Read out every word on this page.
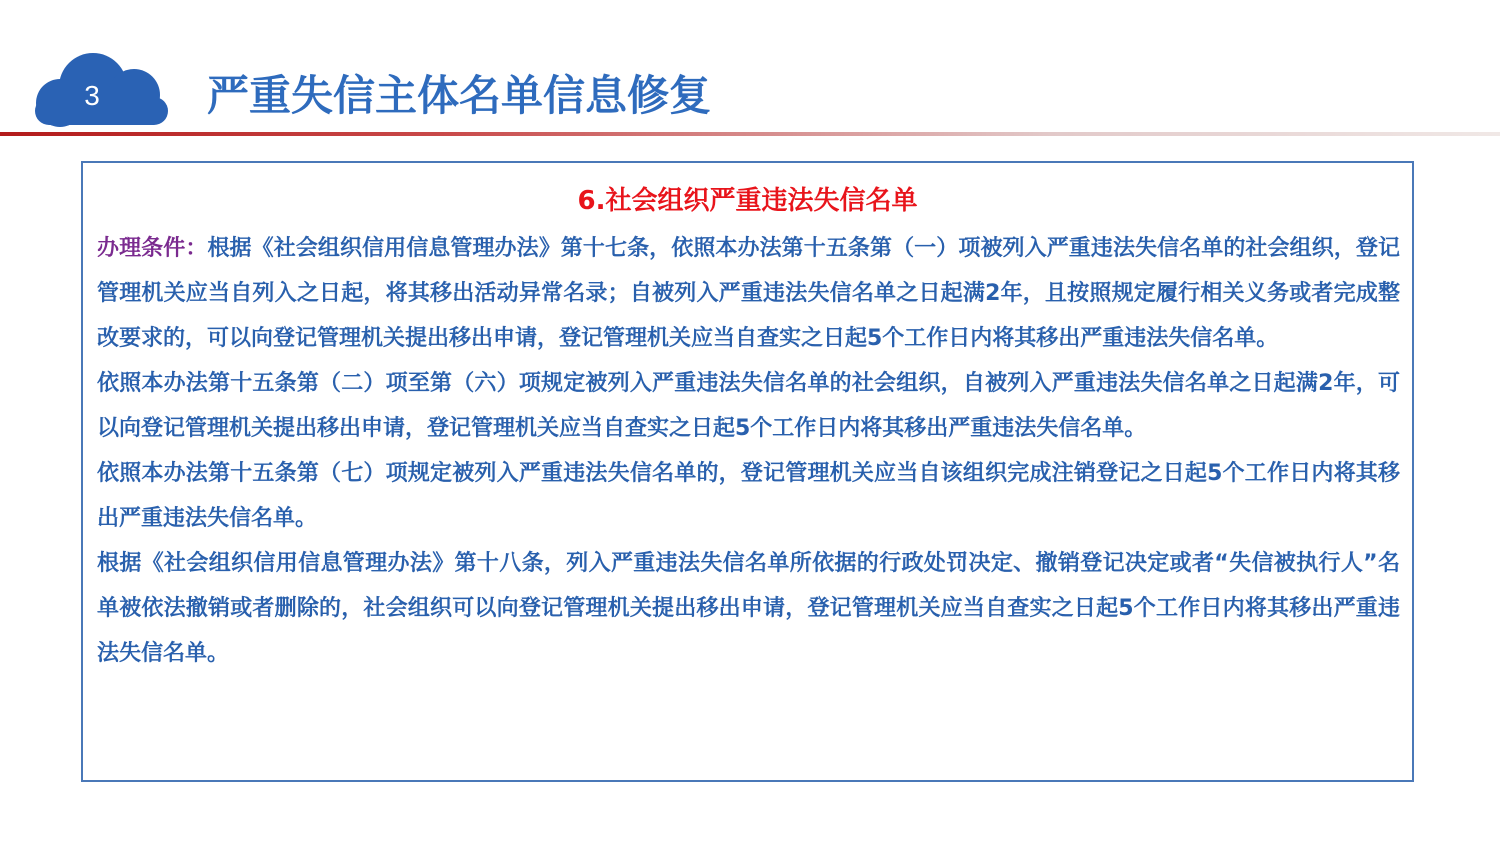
3	严重失信主体名单信息修复
6.社会组织严重违法失信名单

办理条件：根据《社会组织信用信息管理办法》第十七条，依照本办法第十五条第（一）项被列入严重违法失信名单的社会组织，登记管理机关应当自列入之日起，将其移出活动异常名录；自被列入严重违法失信名单之日起满2年，且按照规定履行相关义务或者完成整改要求的，可以向登记管理机关提出移出申请，登记管理机关应当自查实之日起5个工作日内将其移出严重违法失信名单。

依照本办法第十五条第（二）项至第（六）项规定被列入严重违法失信名单的社会组织，自被列入严重违法失信名单之日起满2年，可以向登记管理机关提出移出申请，登记管理机关应当自查实之日起5个工作日内将其移出严重违法失信名单。

依照本办法第十五条第（七）项规定被列入严重违法失信名单的，登记管理机关应当自该组织完成注销登记之日起5个工作日内将其移出严重违法失信名单。

根据《社会组织信用信息管理办法》第十八条，列入严重违法失信名单所依据的行政处罚决定、撤销登记决定或者“失信被执行人”名单被依法撤销或者删除的，社会组织可以向登记管理机关提出移出申请，登记管理机关应当自查实之日起5个工作日内将其移出严重违法失信名单。
